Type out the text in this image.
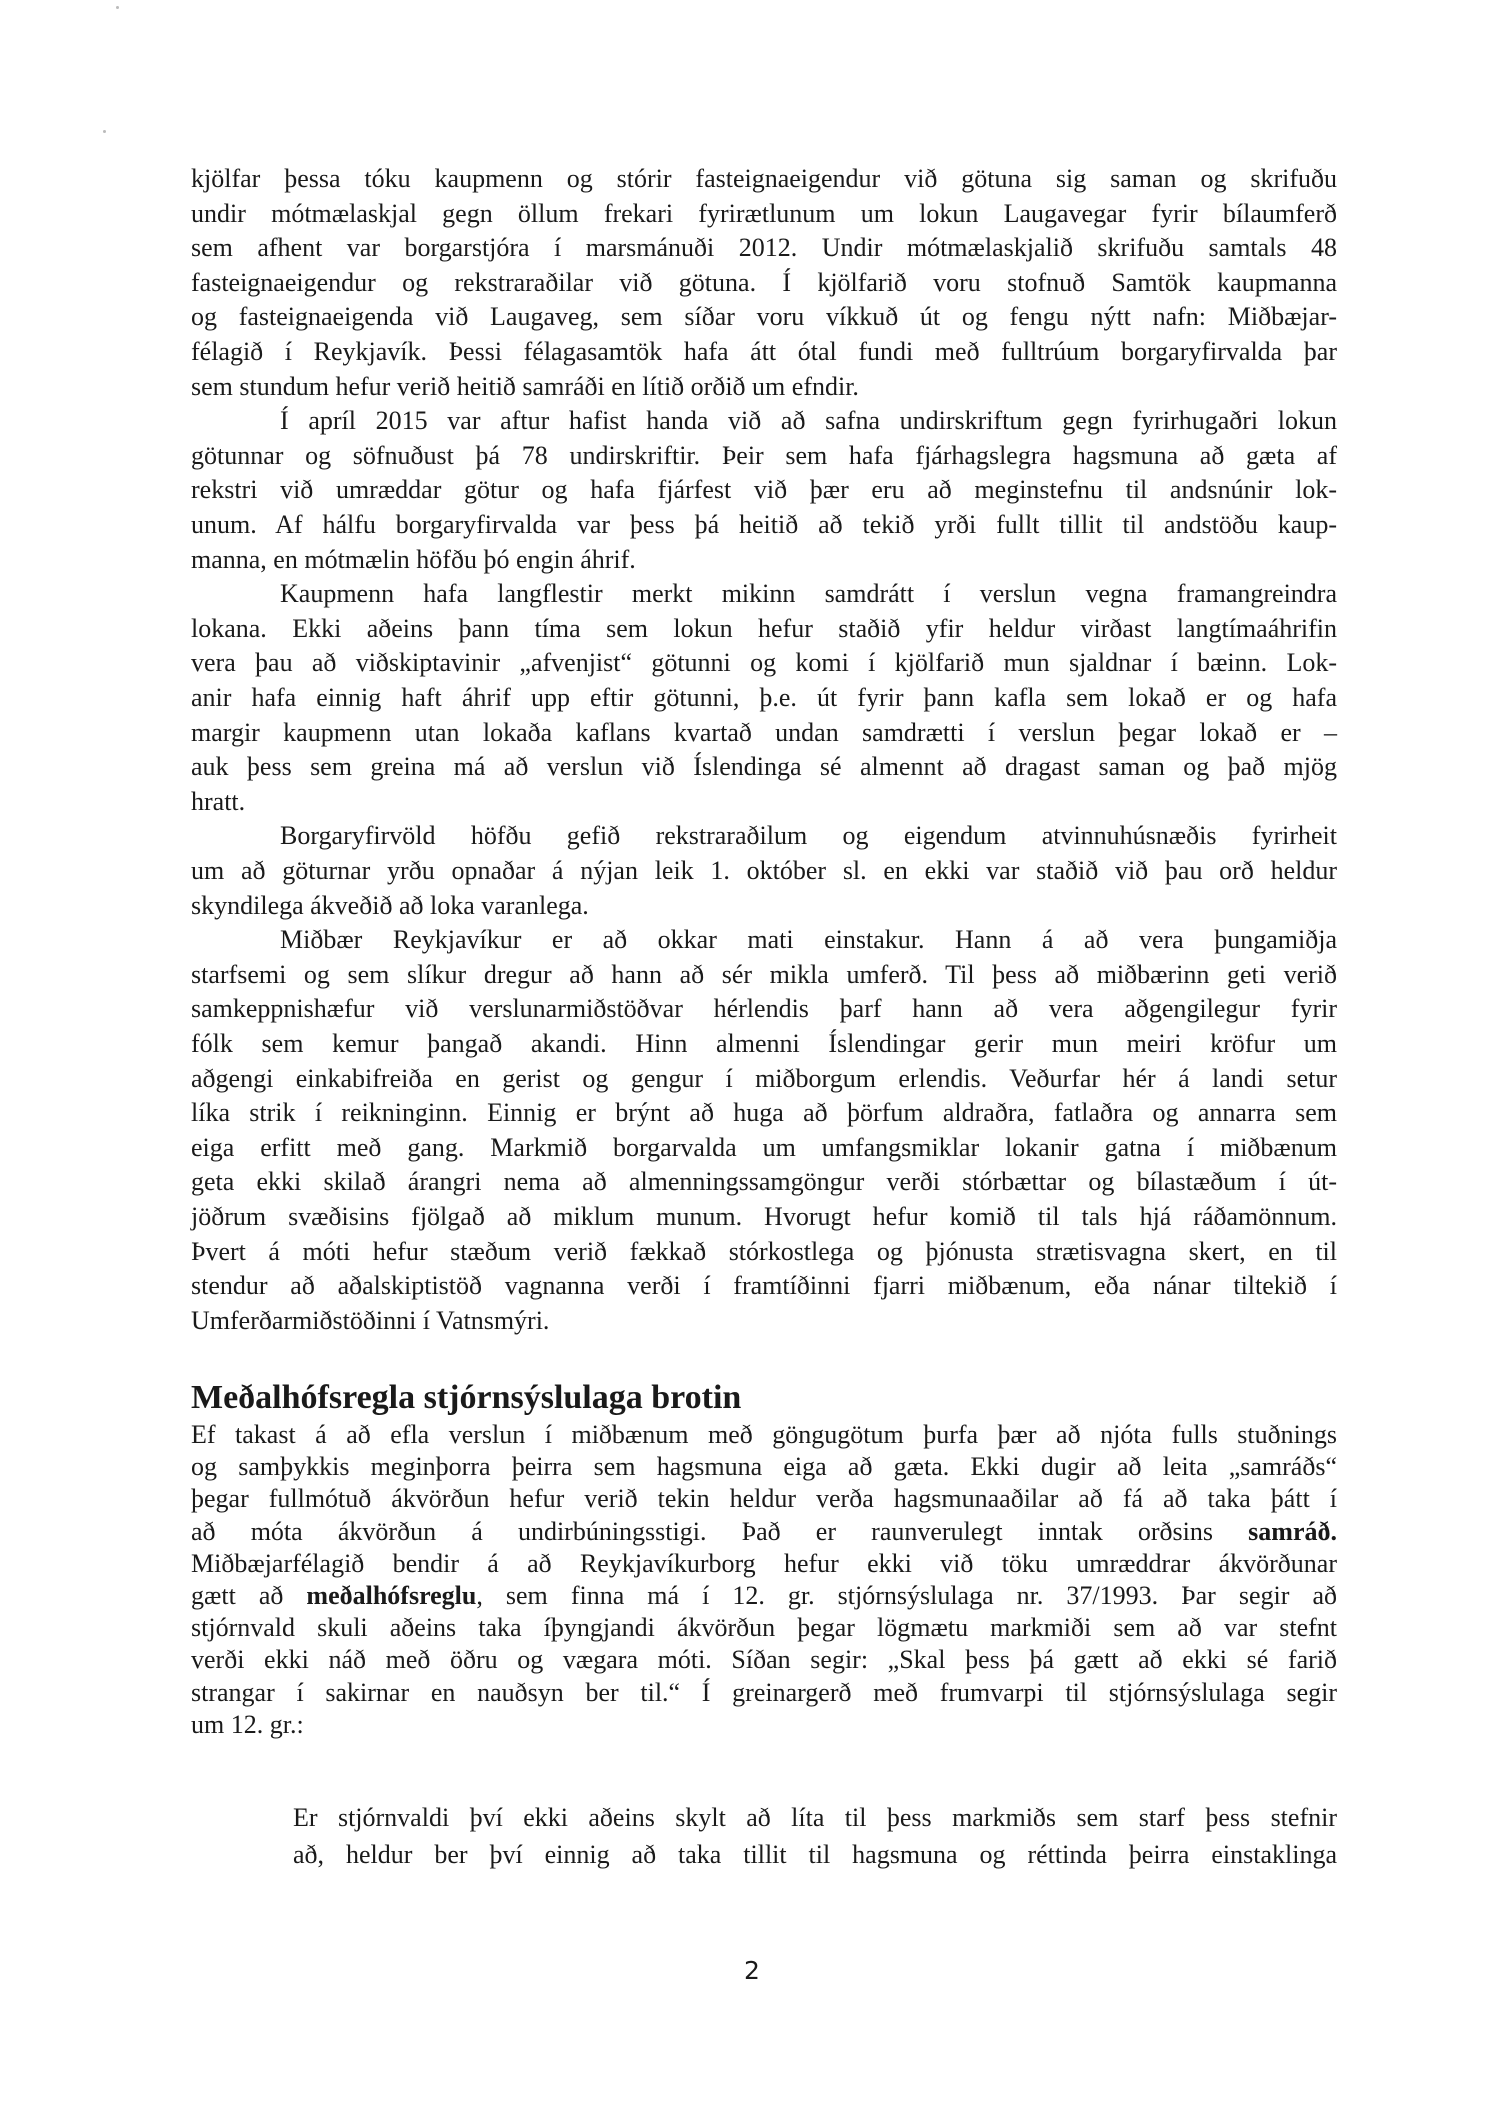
kjölfar þessa tóku kaupmenn og stórir fasteignaeigendur við götuna sig saman og skrifuðu
undir mótmælaskjal gegn öllum frekari fyrirætlunum um lokun Laugavegar fyrir bílaumferð
sem afhent var borgarstjóra í marsmánuði 2012. Undir mótmælaskjalið skrifuðu samtals 48
fasteignaeigendur og rekstraraðilar við götuna. Í kjölfarið voru stofnuð Samtök kaupmanna
og fasteignaeigenda við Laugaveg, sem síðar voru víkkuð út og fengu nýtt nafn: Miðbæjar-
félagið í Reykjavík. Þessi félagasamtök hafa átt ótal fundi með fulltrúum borgaryfirvalda þar
sem stundum hefur verið heitið samráði en lítið orðið um efndir.
Í apríl 2015 var aftur hafist handa við að safna undirskriftum gegn fyrirhugaðri lokun
götunnar og söfnuðust þá 78 undirskriftir. Þeir sem hafa fjárhagslegra hagsmuna að gæta af
rekstri við umræddar götur og hafa fjárfest við þær eru að meginstefnu til andsnúnir lok-
unum. Af hálfu borgaryfirvalda var þess þá heitið að tekið yrði fullt tillit til andstöðu kaup-
manna, en mótmælin höfðu þó engin áhrif.
Kaupmenn hafa langflestir merkt mikinn samdrátt í verslun vegna framangreindra
lokana. Ekki aðeins þann tíma sem lokun hefur staðið yfir heldur virðast langtímaáhrifin
vera þau að viðskiptavinir „afvenjist“ götunni og komi í kjölfarið mun sjaldnar í bæinn. Lok-
anir hafa einnig haft áhrif upp eftir götunni, þ.e. út fyrir þann kafla sem lokað er og hafa
margir kaupmenn utan lokaða kaflans kvartað undan samdrætti í verslun þegar lokað er –
auk þess sem greina má að verslun við Íslendinga sé almennt að dragast saman og það mjög
hratt.
Borgaryfirvöld höfðu gefið rekstraraðilum og eigendum atvinnuhúsnæðis fyrirheit
um að göturnar yrðu opnaðar á nýjan leik 1. október sl. en ekki var staðið við þau orð heldur
skyndilega ákveðið að loka varanlega.
Miðbær Reykjavíkur er að okkar mati einstakur. Hann á að vera þungamiðja
starfsemi og sem slíkur dregur að hann að sér mikla umferð. Til þess að miðbærinn geti verið
samkeppnishæfur við verslunarmiðstöðvar hérlendis þarf hann að vera aðgengilegur fyrir
fólk sem kemur þangað akandi. Hinn almenni Íslendingar gerir mun meiri kröfur um
aðgengi einkabifreiða en gerist og gengur í miðborgum erlendis. Veðurfar hér á landi setur
líka strik í reikninginn. Einnig er brýnt að huga að þörfum aldraðra, fatlaðra og annarra sem
eiga erfitt með gang. Markmið borgarvalda um umfangsmiklar lokanir gatna í miðbænum
geta ekki skilað árangri nema að almenningssamgöngur verði stórbættar og bílastæðum í út-
jöðrum svæðisins fjölgað að miklum munum. Hvorugt hefur komið til tals hjá ráðamönnum.
Þvert á móti hefur stæðum verið fækkað stórkostlega og þjónusta strætisvagna skert, en til
stendur að aðalskiptistöð vagnanna verði í framtíðinni fjarri miðbænum, eða nánar tiltekið í
Umferðarmiðstöðinni í Vatnsmýri.
Meðalhófsregla stjórnsýslulaga brotin
Ef takast á að efla verslun í miðbænum með göngugötum þurfa þær að njóta fulls stuðnings
og samþykkis meginþorra þeirra sem hagsmuna eiga að gæta. Ekki dugir að leita „samráðs“
þegar fullmótuð ákvörðun hefur verið tekin heldur verða hagsmunaaðilar að fá að taka þátt í
að móta ákvörðun á undirbúningsstigi. Það er raunverulegt inntak orðsins samráð.
Miðbæjarfélagið bendir á að Reykjavíkurborg hefur ekki við töku umræddrar ákvörðunar
gætt að meðalhófsreglu, sem finna má í 12. gr. stjórnsýslulaga nr. 37/1993. Þar segir að
stjórnvald skuli aðeins taka íþyngjandi ákvörðun þegar lögmætu markmiði sem að var stefnt
verði ekki náð með öðru og vægara móti. Síðan segir: „Skal þess þá gætt að ekki sé farið
strangar í sakirnar en nauðsyn ber til.“ Í greinargerð með frumvarpi til stjórnsýslulaga segir
um 12. gr.:
Er stjórnvaldi því ekki aðeins skylt að líta til þess markmiðs sem starf þess stefnir
að, heldur ber því einnig að taka tillit til hagsmuna og réttinda þeirra einstaklinga
2
